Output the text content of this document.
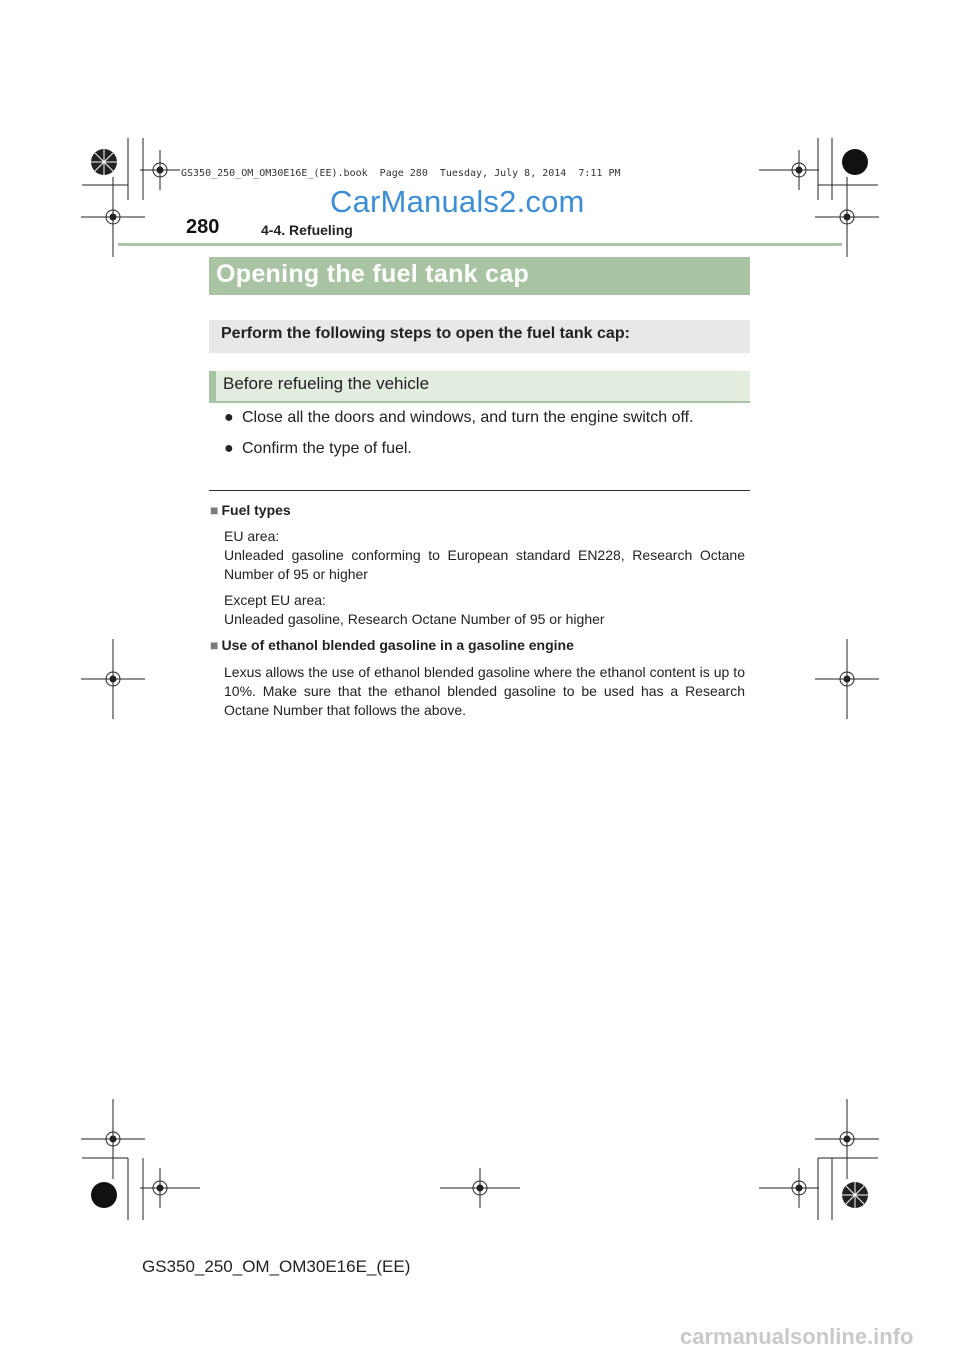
GS350_250_OM_OM30E16E_(EE).book  Page 280  Tuesday, July 8, 2014  7:11 PM
CarManuals2.com
280	4-4. Refueling
Opening the fuel tank cap
Perform the following steps to open the fuel tank cap:
Before refueling the vehicle
● Close all the doors and windows, and turn the engine switch off.
● Confirm the type of fuel.
■ Fuel types

EU area:

Unleaded gasoline conforming to European standard EN228, Research Octane Number of 95 or higher

Except EU area:

Unleaded gasoline, Research Octane Number of 95 or higher

■ Use of ethanol blended gasoline in a gasoline engine

Lexus allows the use of ethanol blended gasoline where the ethanol content is up to 10%. Make sure that the ethanol blended gasoline to be used has a Research Octane Number that follows the above.

GS350_250_OM_OM30E16E_(EE)
carmanualsonline.info
